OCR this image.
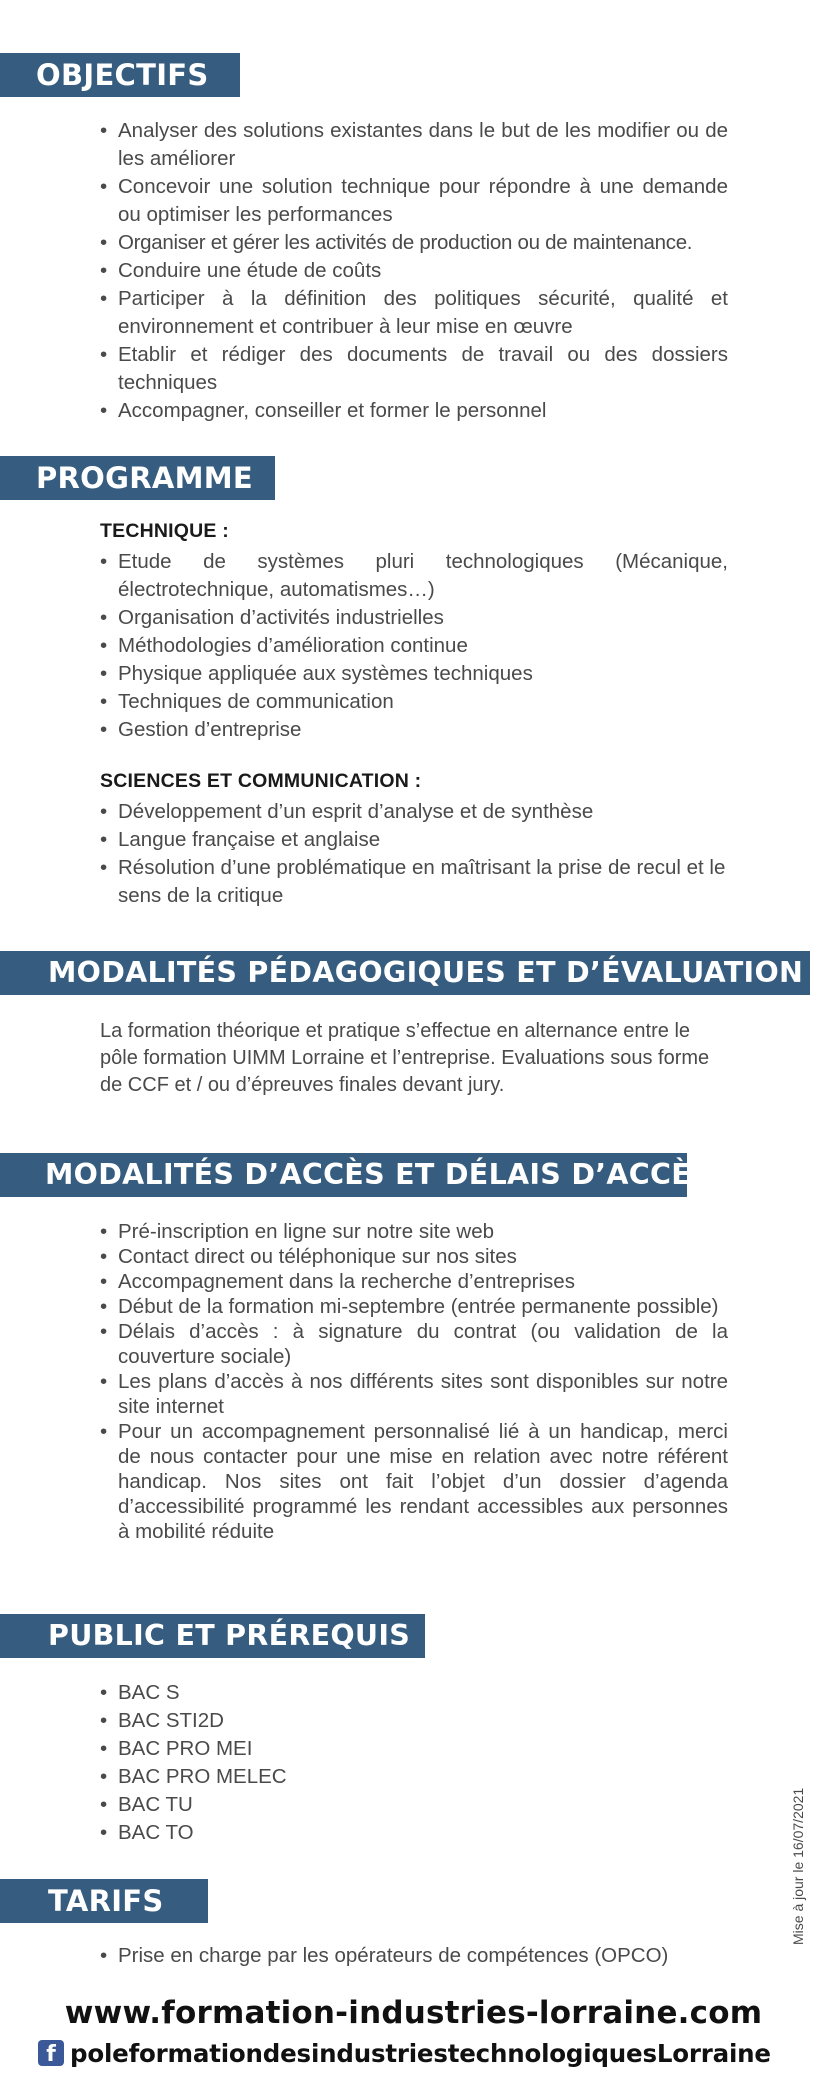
OBJECTIFS
• Analyser des solutions existantes dans le but de les modifier ou de les améliorer
• Concevoir une solution technique pour répondre à une demande ou optimiser les performances
• Organiser et gérer les activités de production ou de maintenance.
• Conduire une étude de coûts
• Participer à la définition des politiques sécurité, qualité et environnement et contribuer à leur mise en œuvre
• Etablir et rédiger des documents de travail ou des dossiers techniques
• Accompagner, conseiller et former le personnel
PROGRAMME
TECHNIQUE :
• Etude de systèmes pluri technologiques (Mécanique, électrotechnique, automatismes…)
• Organisation d’activités industrielles
• Méthodologies d’amélioration continue
• Physique appliquée aux systèmes techniques
• Techniques de communication
• Gestion d’entreprise
SCIENCES ET COMMUNICATION :
• Développement d’un esprit d’analyse et de synthèse
• Langue française et anglaise
• Résolution d’une problématique en maîtrisant la prise de recul et le sens de la critique
MODALITÉS PÉDAGOGIQUES ET D’ÉVALUATION

La formation théorique et pratique s’effectue en alternance entre le pôle formation UIMM Lorraine et l’entreprise. Evaluations sous forme de CCF et / ou d’épreuves finales devant jury.

MODALITÉS D’ACCÈS ET DÉLAIS D’ACCÈS
• Pré-inscription en ligne sur notre site web
• Contact direct ou téléphonique sur nos sites
• Accompagnement dans la recherche d’entreprises
• Début de la formation mi-septembre (entrée permanente possible)
• Délais d’accès : à signature du contrat (ou validation de la couverture sociale)
• Les plans d’accès à nos différents sites sont disponibles sur notre site internet
• Pour un accompagnement personnalisé lié à un handicap, merci de nous contacter pour une mise en relation avec notre référent handicap. Nos sites ont fait l’objet d’un dossier d’agenda d’accessibilité programmé les rendant accessibles aux personnes à mobilité réduite
PUBLIC ET PRÉREQUIS
• BAC S
• BAC STI2D
• BAC PRO MEI
• BAC PRO MELEC
• BAC TU
• BAC TO
TARIFS
• Prise en charge par les opérateurs de compétences (OPCO)
Mise à jour le 16/07/2021
www.formation-industries-lorraine.com
f poleformationdesindustriestechnologiquesLorraine
